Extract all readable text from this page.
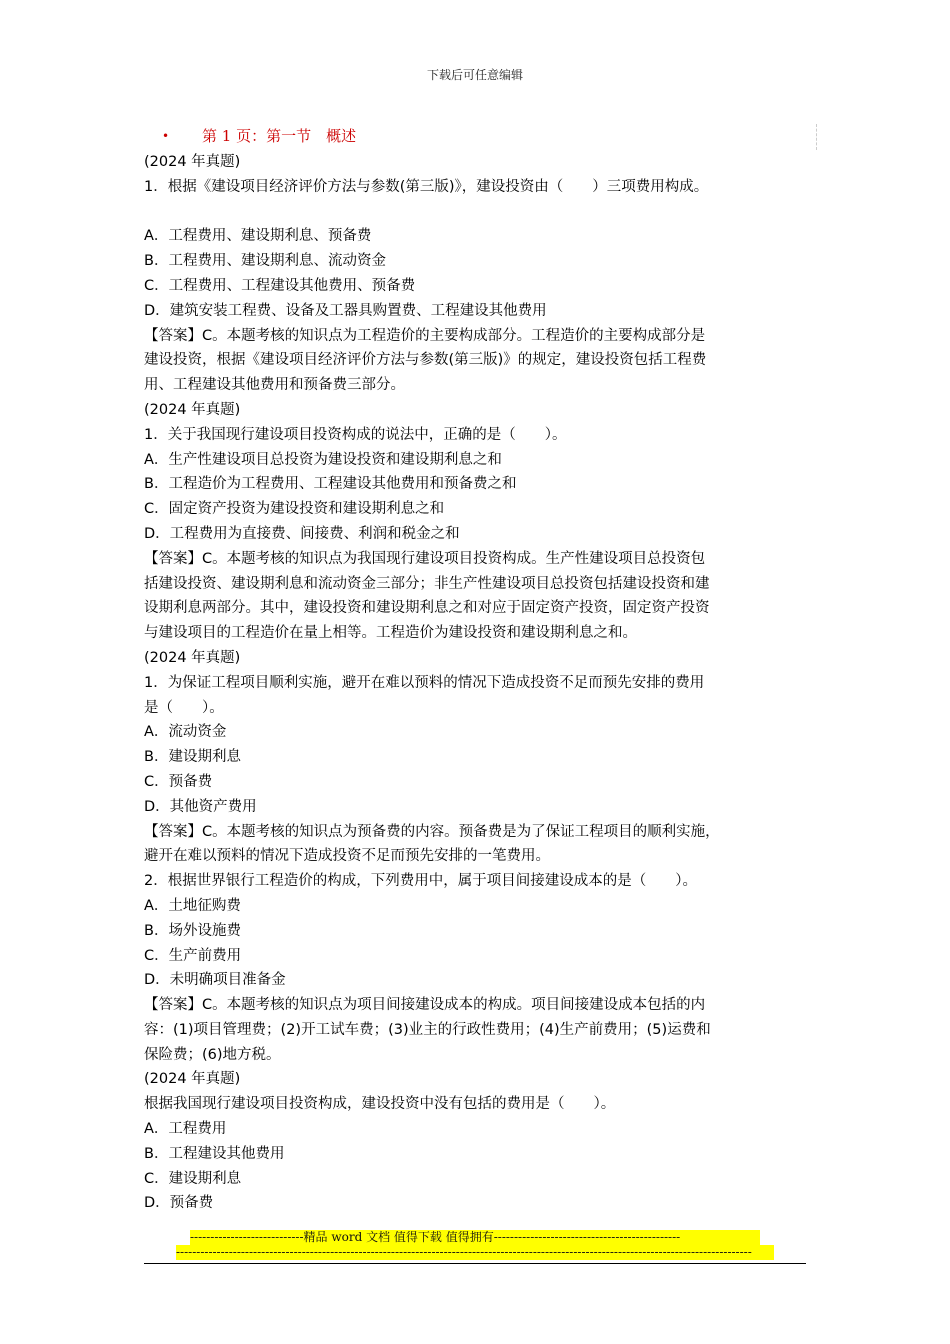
下载后可任意编辑
• 第 1 页：第一节　概述

(2024 年真题)

1．根据《建设项目经济评价方法与参数(第三版)》，建设投资由（　　）三项费用构成。

A．工程费用、建设期利息、预备费

B．工程费用、建设期利息、流动资金

C．工程费用、工程建设其他费用、预备费

D．建筑安装工程费、设备及工器具购置费、工程建设其他费用

【答案】C。本题考核的知识点为工程造价的主要构成部分。工程造价的主要构成部分是

建设投资，根据《建设项目经济评价方法与参数(第三版)》的规定，建设投资包括工程费

用、工程建设其他费用和预备费三部分。

(2024 年真题)

1．关于我国现行建设项目投资构成的说法中，正确的是（　　）。

A．生产性建设项目总投资为建设投资和建设期利息之和

B．工程造价为工程费用、工程建设其他费用和预备费之和

C．固定资产投资为建设投资和建设期利息之和

D．工程费用为直接费、间接费、利润和税金之和

【答案】C。本题考核的知识点为我国现行建设项目投资构成。生产性建设项目总投资包

括建设投资、建设期利息和流动资金三部分；非生产性建设项目总投资包括建设投资和建

设期利息两部分。其中，建设投资和建设期利息之和对应于固定资产投资，固定资产投资

与建设项目的工程造价在量上相等。工程造价为建设投资和建设期利息之和。

(2024 年真题)

1．为保证工程项目顺利实施，避开在难以预料的情况下造成投资不足而预先安排的费用

是（　　）。

A．流动资金

B．建设期利息

C．预备费

D．其他资产费用

【答案】C。本题考核的知识点为预备费的内容。预备费是为了保证工程项目的顺利实施，

避开在难以预料的情况下造成投资不足而预先安排的一笔费用。

2．根据世界银行工程造价的构成，下列费用中，属于项目间接建设成本的是（　　）。

A．土地征购费

B．场外设施费

C．生产前费用

D．未明确项目准备金

【答案】C。本题考核的知识点为项目间接建设成本的构成。项目间接建设成本包括的内

容：(1)项目管理费；(2)开工试车费；(3)业主的行政性费用；(4)生产前费用；(5)运费和

保险费；(6)地方税。

(2024 年真题)

根据我国现行建设项目投资构成，建设投资中没有包括的费用是（　　）。

A．工程费用

B．工程建设其他费用

C．建设期利息

D．预备费

----------------------------精品 word 文档 值得下载 值得拥有----------------------------------------------
----------------------------------------------------------------------------------------------------------------------------------------------
